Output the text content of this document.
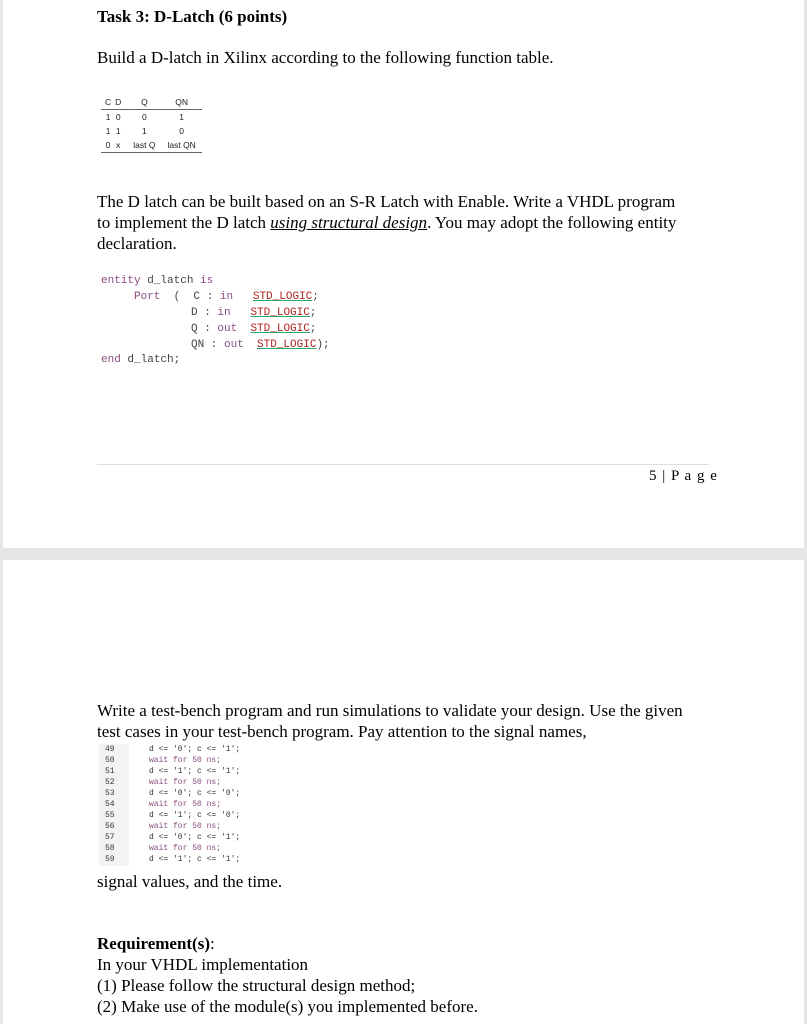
Task 3: D-Latch (6 points)
Build a D-latch in Xilinx according to the following function table.
C	D	Q	QN
1	0	0	1
1	1	1	0
0	x	last Q	last QN
The D latch can be built based on an S-R Latch with Enable. Write a VHDL program to implement the D latch using structural design. You may adopt the following entity declaration.
entity d_latch is
Port  (  C : in STD_LOGIC;
D : in STD_LOGIC;
Q : out STD_LOGIC;
QN : out STD_LOGIC);
end d_latch;
5 | P a g e
Write a test-bench program and run simulations to validate your design. Use the given test cases in your test-bench program. Pay attention to the signal names,
49	d <= '0'; c <= '1';
50	wait for 50 ns;
51	d <= '1'; c <= '1';
52	wait for 50 ns;
53	d <= '0'; c <= '0';
54	wait for 50 ns;
55	d <= '1'; c <= '0';
56	wait for 50 ns;
57	d <= '0'; c <= '1';
58	wait for 50 ns;
59	d <= '1'; c <= '1';
signal values, and the time.
Requirement(s):
In your VHDL implementation
(1) Please follow the structural design method;
(2) Make use of the module(s) you implemented before.
